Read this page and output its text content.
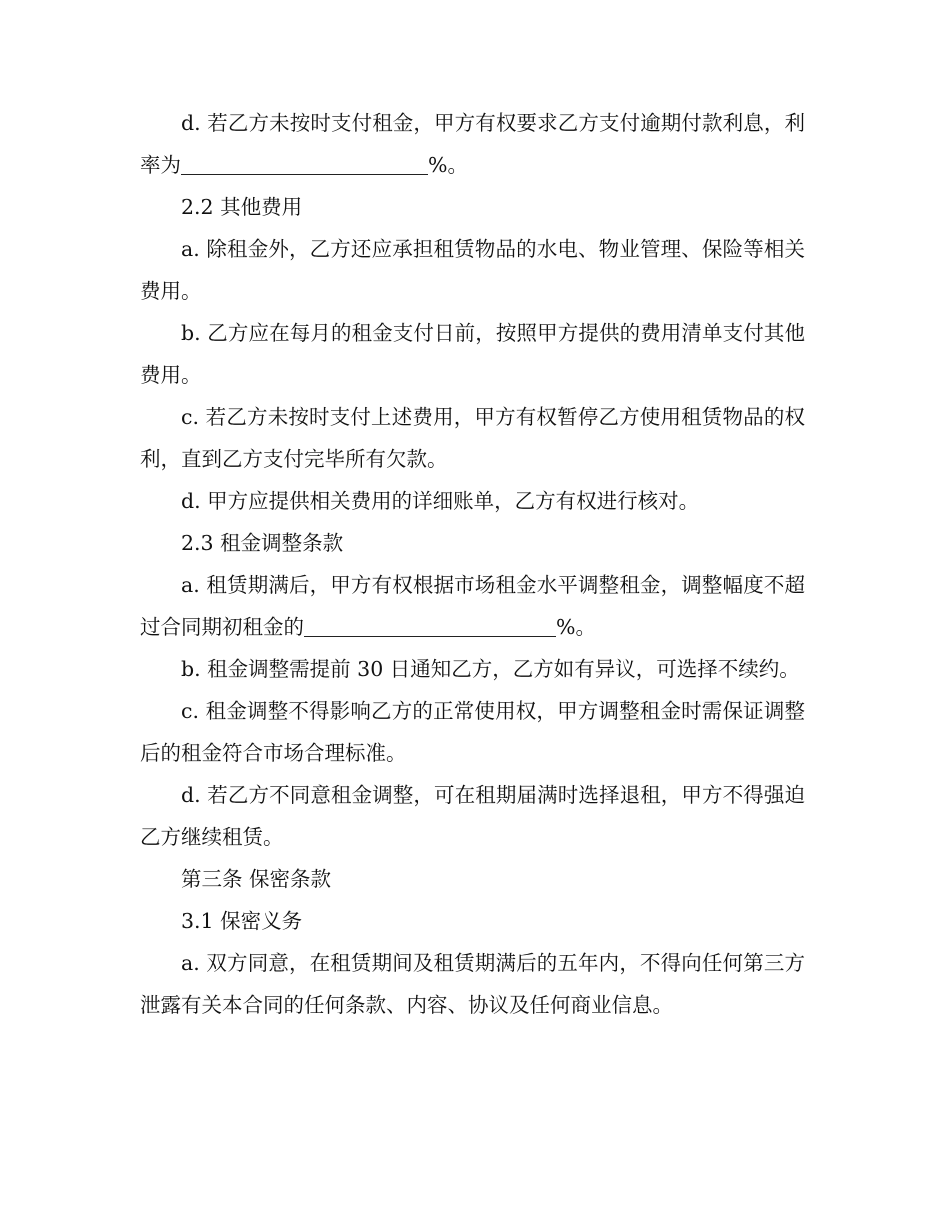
d. 若乙方未按时支付租金，甲方有权要求乙方支付逾期付款利息，利率为	%。

2.2 其他费用

a. 除租金外，乙方还应承担租赁物品的水电、物业管理、保险等相关费用。

b. 乙方应在每月的租金支付日前，按照甲方提供的费用清单支付其他费用。

c. 若乙方未按时支付上述费用，甲方有权暂停乙方使用租赁物品的权利，直到乙方支付完毕所有欠款。

d. 甲方应提供相关费用的详细账单，乙方有权进行核对。

2.3 租金调整条款

a. 租赁期满后，甲方有权根据市场租金水平调整租金，调整幅度不超过合同期初租金的	%。

b. 租金调整需提前 30 日通知乙方，乙方如有异议，可选择不续约。

c. 租金调整不得影响乙方的正常使用权，甲方调整租金时需保证调整后的租金符合市场合理标准。

d. 若乙方不同意租金调整，可在租期届满时选择退租，甲方不得强迫乙方继续租赁。

第三条 保密条款

3.1 保密义务

a. 双方同意，在租赁期间及租赁期满后的五年内，不得向任何第三方泄露有关本合同的任何条款、内容、协议及任何商业信息。
